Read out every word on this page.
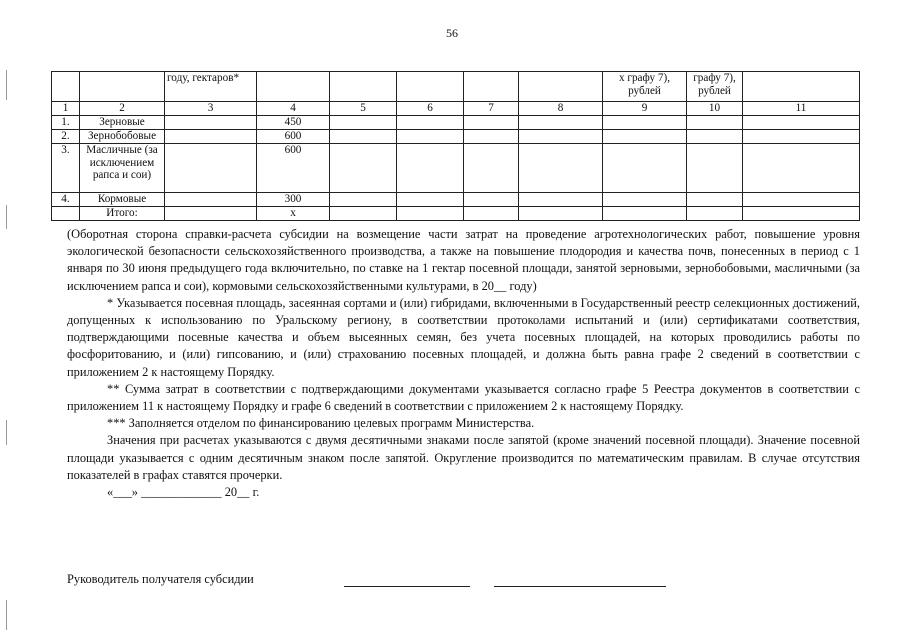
56
		году, гектаров*						х графу 7), рублей	графу 7), рублей		
1	2	3	4	5	6	7	8	9	10	11	
1.	Зерновые		450								
2.	Зернобобовые		600								
3.	Масличные (за исключением рапса и сои)		600								
4.	Кормовые		300								
	Итого:		х								

(Оборотная сторона справки-расчета субсидии на возмещение части затрат на проведение агротехнологических работ, повышение уровня экологической безопасности сельскохозяйственного производства, а также на повышение плодородия и качества почв, понесенных в период с 1 января по 30 июня предыдущего года включительно, по ставке на 1 гектар посевной площади, занятой зерновыми, зернобобовыми, масличными (за исключением рапса и сои), кормовыми сельскохозяйственными культурами, в 20__ году)

* Указывается посевная площадь, засеянная сортами и (или) гибридами, включенными в Государственный реестр селекционных достижений, допущенных к использованию по Уральскому региону, в соответствии протоколами испытаний и (или) сертификатами соответствия, подтверждающими посевные качества и объем высеянных семян, без учета посевных площадей, на которых проводились работы по фосфоритованию, и (или) гипсованию, и (или) страхованию посевных площадей, и должна быть равна графе 2 сведений в соответствии с приложением 2 к настоящему Порядку.

** Сумма затрат в соответствии с подтверждающими документами указывается согласно графе 5 Реестра документов в соответствии с приложением 11 к настоящему Порядку и графе 6 сведений в соответствии с приложением 2 к настоящему Порядку.

*** Заполняется отделом по финансированию целевых программ Министерства.

Значения при расчетах указываются с двумя десятичными знаками после запятой (кроме значений посевной площади). Значение посевной площади указывается с одним десятичным знаком после запятой. Округление производится по математическим правилам. В случае отсутствия показателей в графах ставятся прочерки.

«___» _____________ 20__ г.

Руководитель получателя субсидии
